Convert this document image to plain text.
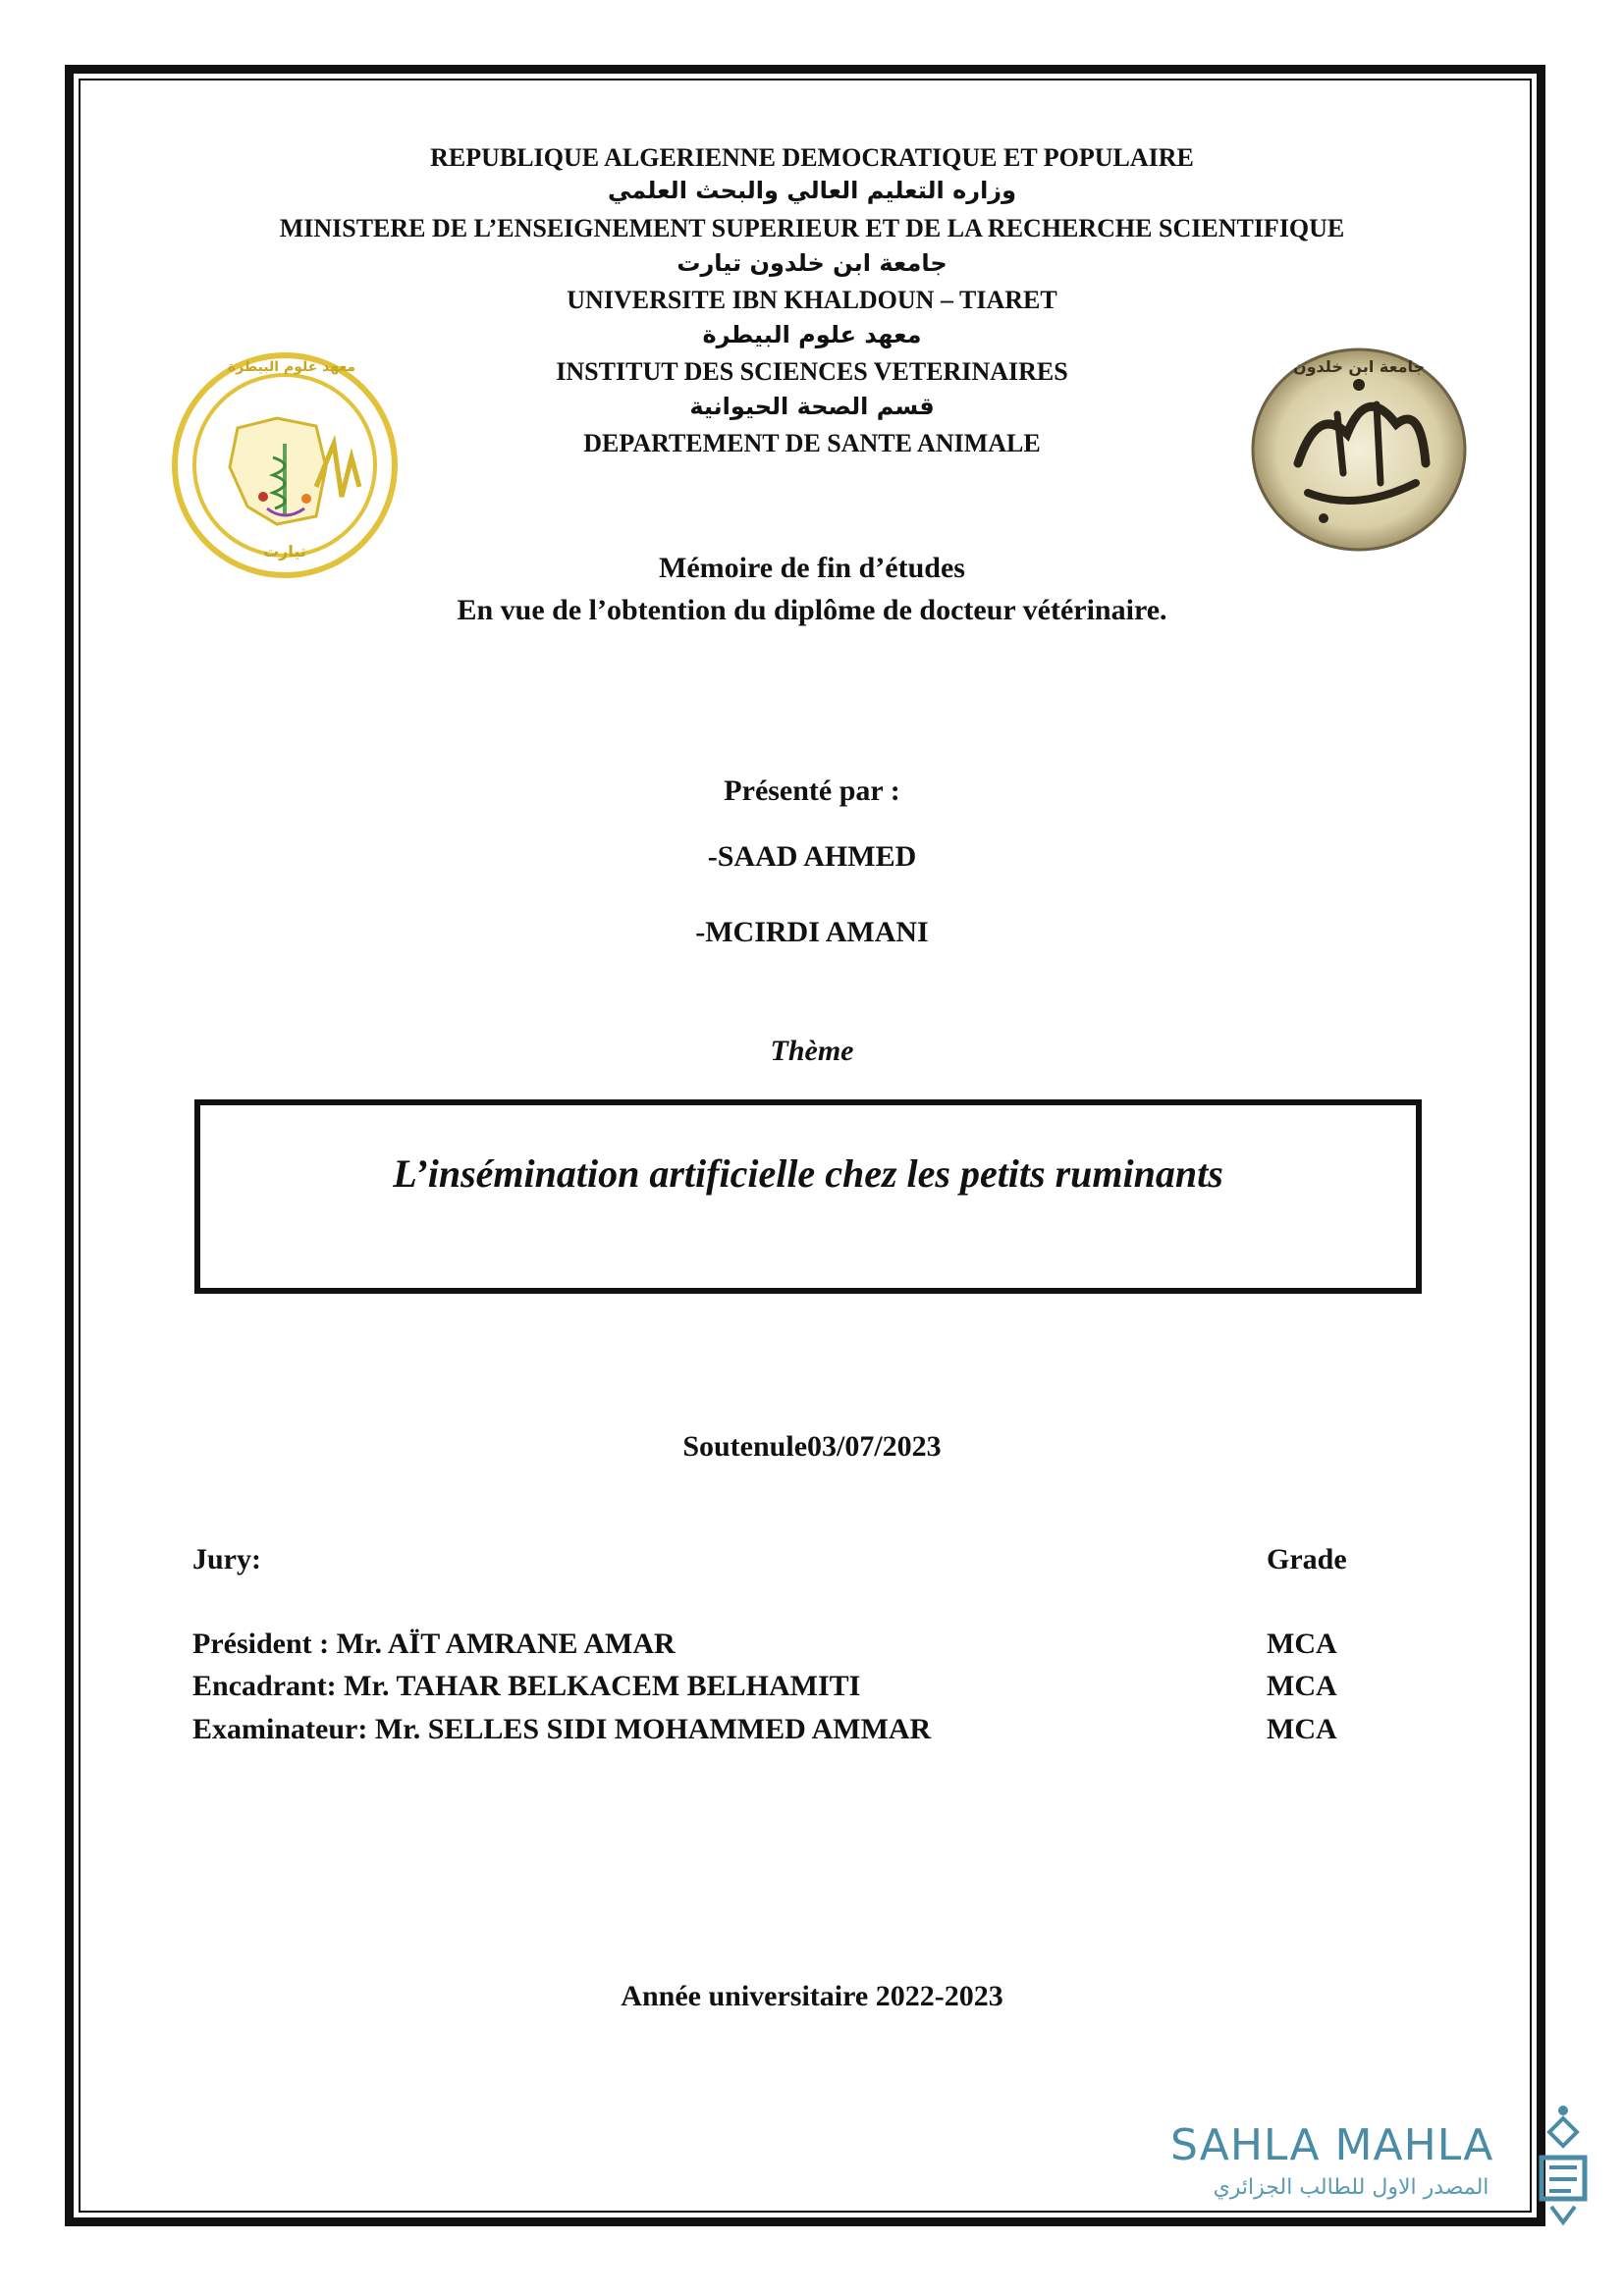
REPUBLIQUE ALGERIENNE DEMOCRATIQUE ET POPULAIRE
وزاره التعليم العالي والبحث العلمي
MINISTERE DE L’ENSEIGNEMENT SUPERIEUR ET DE LA RECHERCHE SCIENTIFIQUE
جامعة ابن خلدون تيارت
UNIVERSITE IBN KHALDOUN – TIARET
معهد علوم البيطرة
INSTITUT DES SCIENCES VETERINAIRES
قسم الصحة الحيوانية
DEPARTEMENT DE SANTE ANIMALE
معهد علوم البيطرة
تيارت
جامعة ابن خلدون
Mémoire de fin d’études
En vue de l’obtention du diplôme de docteur vétérinaire.
Présenté par :
-SAAD AHMED
-MCIRDI AMANI
Thème
L’insémination artificielle chez les petits ruminants
Soutenule03/07/2023
Jury:	Grade
Président : Mr. AÏT AMRANE AMAR	MCA
Encadrant: Mr. TAHAR BELKACEM BELHAMITI	MCA
Examinateur: Mr. SELLES SIDI MOHAMMED AMMAR	MCA
Année universitaire 2022-2023
SAHLA MAHLA
المصدر الاول للطالب الجزائري
